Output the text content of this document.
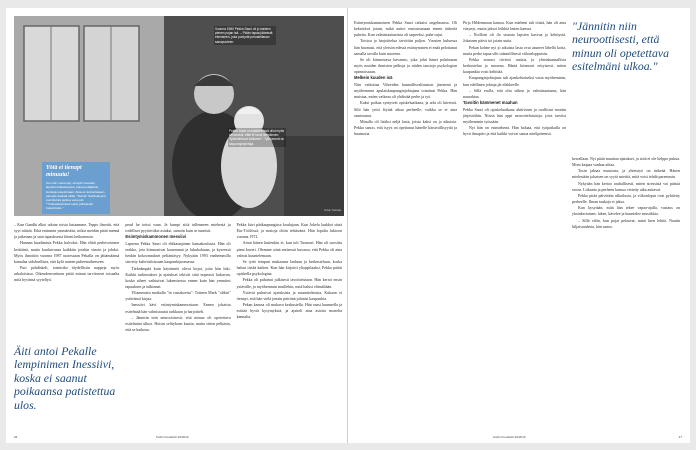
Vuonna 1980 Pekka Sauri oli jo kahden pienen pojan isä. – Pidän tapaa jäämistä elemiseen, joka porkyrät perusteltavan sanapuoleen.
Pekka Sauri on käsitteleissä ollut myös kiinnostus, ettei ei senä lempiinnen "työnkriitiuvat kaikkeen". Tyttöymmä on kaupunginjohtaja.
Kuva: Tuomas
Yötä ei tienapt minuuta!
Kun olin nuorempi, ehdydin itsesäni lapsiani kaikeksedan, kokeevettäjäviä, lienkuja toisestinaan. Aina en kuttuntakaan pienelle asiäsiä oltilla. "Nämä" Suihkuasenti pumittuiniä pelkoa vara joki. "Yhdistettävissäni sekä yöllitoikutti heikohkolle."

– Kun Gandhi alkoi udotar toista lastaamme, Teppo ilmoitti, että syyt niittää. Eikä enimmin ymmärtäisi, miksi meidän pitää mennä ja jatketaan ja sain tapauksesta kiinni heikommin.

Hannan haudimista Pekka halvoksi. Hän elätti perhevoimme keittäinä, mutta kuuluivansa kaikkiin jotakin vinoin ja johdot. Myös ilmoittin vuonna 1987 tuotessaan Pekalla on jättämäänsä kamalaa sidoksellista, että kylä uuteen puheenaiheeseen.

Puri pohdiskeli, toimisiko täydellisiin nappeja myös arkaloisissa. Oikeudenvartinen pitää minun tarvitseeni toisaalta mitä hyvänsä syyteltyä.

pearl he tottui vaan. Ja kumpi siitä tullenneen miehestä ja todelliset pyyttäväksi asiaksi, samoin kuin se tunnisti.

Esimtymiskammonen Inessiivi

Lapsena Pekka Sauri oli elkkatarpinen kansakoulusta. Hän oli erakko, jota kiinnostivat kauemmat ja lukuhaluaan, ja kyseessä heidän kokoonnukset peliäntäsyy. Nykyään 1993 vanhemmilla siirretty kahvitaloissaan kaupunkijuomassa.

Tärkeämpää kuin käytännöt olivat kirjat, joita hän luki. Kaikki tutkimukset ja ajatukset tekivät siitä nopeasti liukuvan, koska aiheet vaihtuivat lukemisessa ennen kuin hän ymmärsi tapauksen ja tulkinnat.

Yliammuttu matkalla "in vastakoetta": Totinen Mark "olikin" ystävänsä kirjaa.

Inessiivi kävi esiintymiskammostaan. Ennen jokaista esitelmää hän valmistautui tarkkaan ja harjoitteli.

– Jännitin niin neuroottisesti, että minun oli opetettava esitelmäni ulkoa. Hoisin selityksen kautta, mutta sitten pelkäsin, että se katkeaa.

Pekka kävi pääkaupungissa koulujaan. Kun Jokela laukkoi siinä Etu-Töölössä, ja nostoja oltiin tehtävänä. Hän lopulta lukioon vuonna 1972.

Ainut hänen kuitenkin ei, kun tuli Tuomari. Hän oli suosittu pieni kaveri. Olemme siinä entisessä kuvassa, että Pekka oli aina valmis kuuntelemaan.

Se tyttö tempasi mukaansa lauluun ja keskusteluun, koska halusi tietää kaiken. Kun hän kirjoitti ylioppilaaksi, Pekka päätti opiskella psykologiaa.

Pekka oli puhunut julkisesti tavoitteistaan. Hän kertoi ensin ystävälle, ja myöhemmin muillekin, mitä halusi elämältään.

Ystävät puhuivat ajatuksista ja suunnitelmista. Kukaan ei tiennyt, että hän vielä jonain päivänä johtaisi kaupunkia.

Pekan kanssa oli mukava keskustella. Hän osasi kuunnella ja esittää hyviä kysymyksiä, ja ajatteli aina asioita monelta kannalta.

Äiti antoi Pekalle lempinimen Inessiivi, koska ei saanut poikaansa patistettua ulos.
26	Kodin Kuvalehti 20/2013

Esiintymiskammoinen Pekka Sauri ratkaisi ongelmansa. Oli keksittävä jotain, mikä auttoi rentoutumaan ennen tärkeitä puheita. Kun valmistautumista oli tarpeeksi, puhe sujui.

Toistoa ja harjoittelua tarvittiin paljon. Vuosien kuluessa hän huomasi, että yleisön edessä esiintyminen ei enää pelottanut samalla tavalla kuin nuorena.

Se oli kiinnostava havainto, joka johti hänet pohtimaan myös muiden ihmisten pelkoja ja niiden taustoja psykologian opinnoissaan.

Melkein kuuden isä

Niin vaikuttaa Vihreiden kunnallisvaltuuston jäsenenä ja myöhemmin apulaiskaupunginjohtajana toiminut Pekka. Hän muistaa, miten vaikeaa oli yhdistää perhe ja työ.

Kaksi poikaa syntyivät opiskeluaikana, ja arki oli kiireistä. Silti hän yritti löytää aikaa perheelle, vaikka se ei aina onnistunut.

Minulla oli lisäksi neljä lasta, joista kaksi on jo aikuisia. Pekka sanoo, että isyys on opettanut hänelle kärsivällisyyttä ja huumoria.

Pirjo Hildenmaan kanssa. Kun mieheni tuli töistä, hän oli aina väsynyt, mutta jaksoi leikkiä lasten kanssa.

– Noilloin oli ilo seurata lapsien kasvua ja kehitystä. Jokainen päivä toi jotain uutta.

Pekan kolme nyt jo aikuista lasta ovat asuneet lähellä kotia, mutta perhe tapaa silti säännöllisesti viikonloppuisin.

Pekka seurasi tiiviisti uutisia ja yhteiskunnallista keskustelua jo nuorena. Häntä kiinnosti erityisesti, miten kaupunkia voisi kehittää.

Kaupunginjohtajuus tuli ajankohtaiseksi vasta myöhemmin, kun edellinen johtaja jäi eläkkeelle.

– Sillä erolla, että olin siihen jo valmistautunut, hän naurahtaa.

Tavoitin kämmenet maahan

Pekka Sauri oli opiskeluaikana aktiivinen ja osallistui moniin järjestöihin. Niissä hän oppi neuvottelutaitoja, joita tarvitsi myöhemmin työssään.

Nyt hän on esimiehenä. Hän haluaa, että työpaikalla on hyvä ilmapiiri ja että kaikki voivat sanoa mielipiteensä.

"Jännitin niin neuroottisesti, että minun oli opetettava esitelmäni ulkoa."

kerrallaan. Nyt pitää muuttaa ajatukset, ja siitä ei ole helppo puhua. Moni kaipaa vanhaa aikaa.

Tosin jaksaa muutosta, ja yhteistyö on tärkeää. Hänen mielestään jokaisen on syytä miettiä, mitä voisi tehdä paremmin.

Nykyään hän kertoo rauhallisesti, miten stressistä voi päästä eroon. Liikunta ja perheen kanssa vietetty aika auttavat.

Pekka pitää päivittäin ulkoilusta, ja viikonloput ovat pyhitetty perheelle. Ilman taukoja ei jaksa.

Kun kysytään, mitä hän tekee vapaa-ajalla, vastaus on yksinkertainen: lukee, kävelee ja kuuntelee musiikkia.

– Sillä välin, kun pojat pelaavat, minä luen lehtiä. Nautin hiljaisuudesta, hän sanoo.

Kodin Kuvalehti 20/2013	27
